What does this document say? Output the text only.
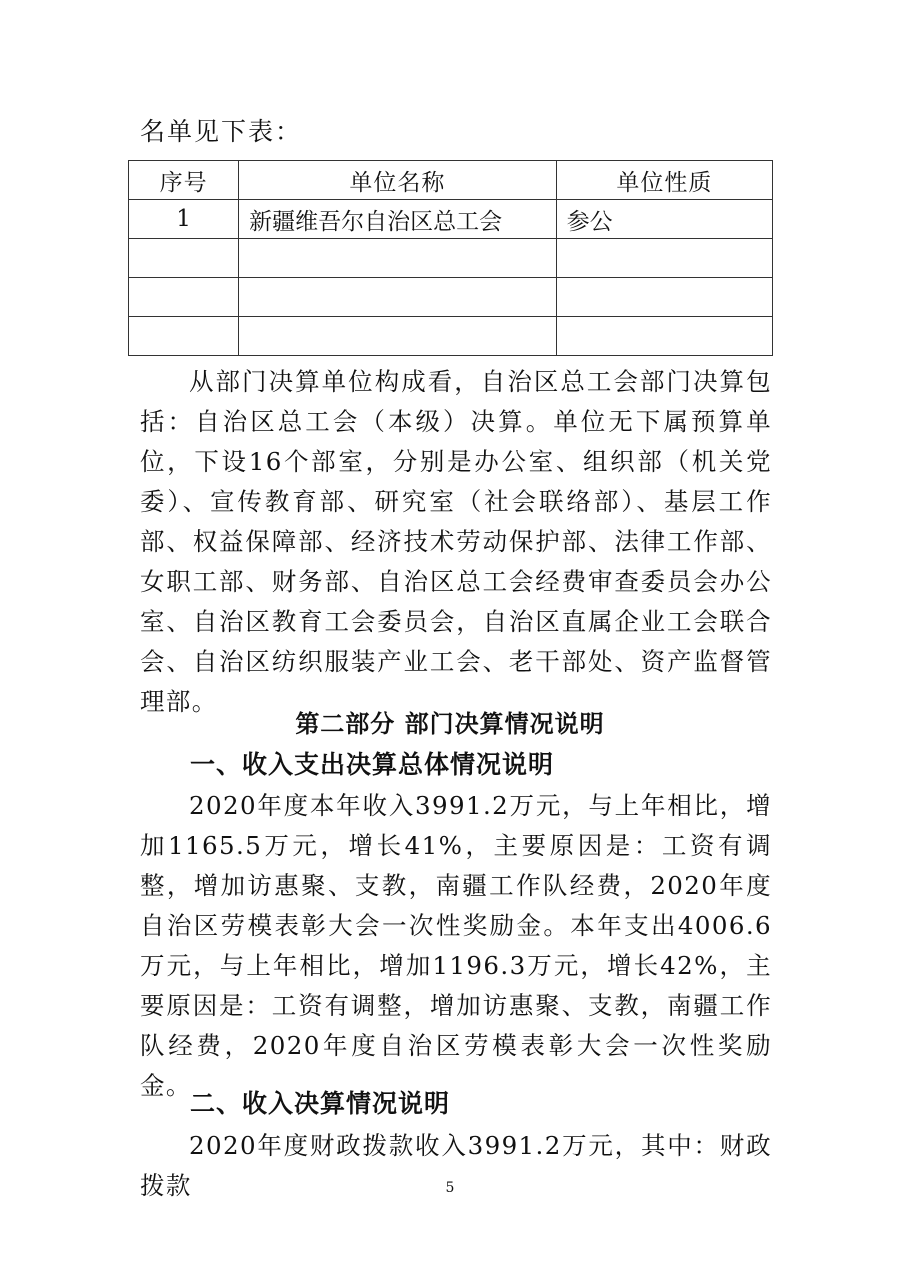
名单见下表：
序号	单位名称	单位性质
1	新疆维吾尔自治区总工会	参公

从部门决算单位构成看，自治区总工会部门决算包括：自治区总工会（本级）决算。单位无下属预算单位，下设16个部室，分别是办公室、组织部（机关党委）、宣传教育部、研究室（社会联络部）、基层工作部、权益保障部、经济技术劳动保护部、法律工作部、女职工部、财务部、自治区总工会经费审查委员会办公室、自治区教育工会委员会，自治区直属企业工会联合会、自治区纺织服装产业工会、老干部处、资产监督管理部。

第二部分 部门决算情况说明
一、收入支出决算总体情况说明

2020年度本年收入3991.2万元，与上年相比，增加1165.5万元，增长41%，主要原因是：工资有调整，增加访惠聚、支教，南疆工作队经费，2020年度自治区劳模表彰大会一次性奖励金。本年支出4006.6万元，与上年相比，增加1196.3万元，增长42%，主要原因是：工资有调整，增加访惠聚、支教，南疆工作队经费，2020年度自治区劳模表彰大会一次性奖励金。

二、收入决算情况说明

2020年度财政拨款收入3991.2万元，其中：财政拨款	5
